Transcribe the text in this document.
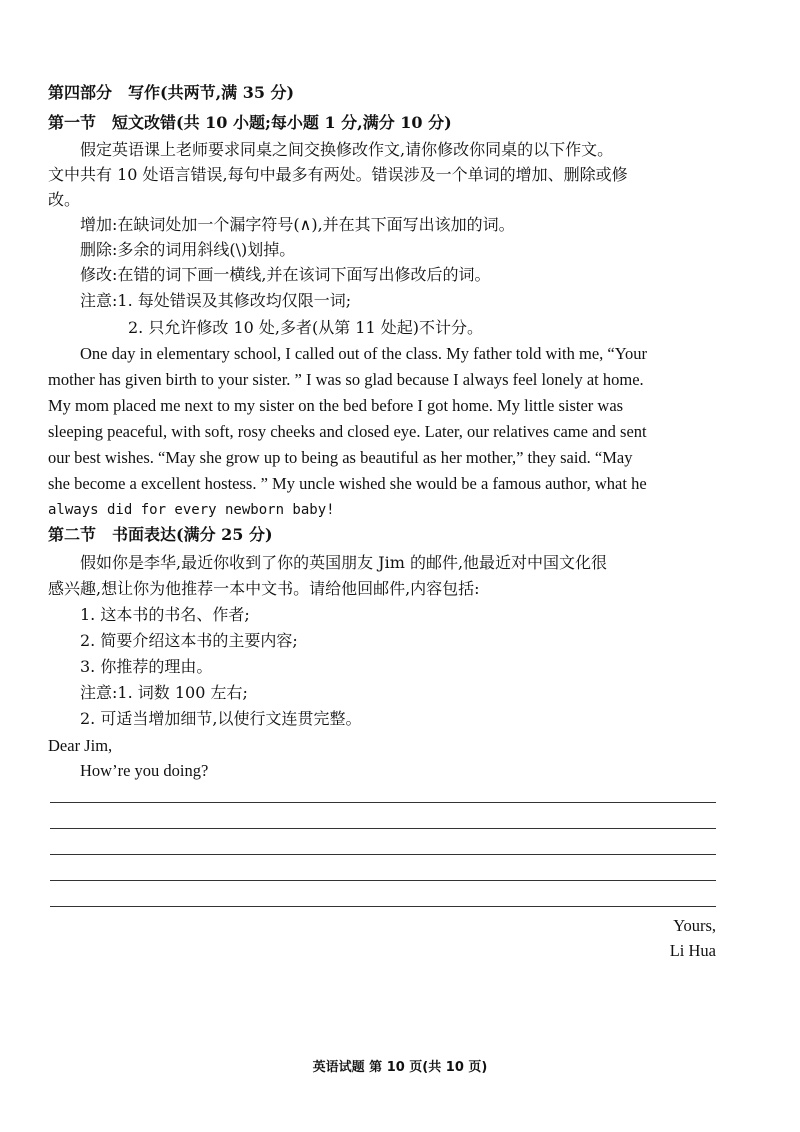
第四部分　写作(共两节,满 35 分)
第一节　短文改错(共 10 小题;每小题 1 分,满分 10 分)
假定英语课上老师要求同桌之间交换修改作文,请你修改你同桌的以下作文。
文中共有 10 处语言错误,每句中最多有两处。错误涉及一个单词的增加、删除或修
改。
增加:在缺词处加一个漏字符号(∧),并在其下面写出该加的词。
删除:多余的词用斜线(\)划掉。
修改:在错的词下画一横线,并在该词下面写出修改后的词。
注意:1. 每处错误及其修改均仅限一词;
2. 只允许修改 10 处,多者(从第 11 处起)不计分。
One day in elementary school, I called out of the class. My father told with me, “Your
mother has given birth to your sister. ” I was so glad because I always feel lonely at home.
My mom placed me next to my sister on the bed before I got home. My little sister was
sleeping peaceful, with soft, rosy cheeks and closed eye. Later, our relatives came and sent
our best wishes. “May she grow up to being as beautiful as her mother,” they said. “May
she become a excellent hostess. ” My uncle wished she would be a famous author, what he
always did for every newborn baby!
第二节　书面表达(满分 25 分)
假如你是李华,最近你收到了你的英国朋友 Jim 的邮件,他最近对中国文化很
感兴趣,想让你为他推荐一本中文书。请给他回邮件,内容包括:
1. 这本书的书名、作者;
2. 简要介绍这本书的主要内容;
3. 你推荐的理由。
注意:1. 词数 100 左右;
2. 可适当增加细节,以使行文连贯完整。
Dear Jim,
How’re you doing?
Yours,
Li Hua
英语试题 第 10 页(共 10 页)
